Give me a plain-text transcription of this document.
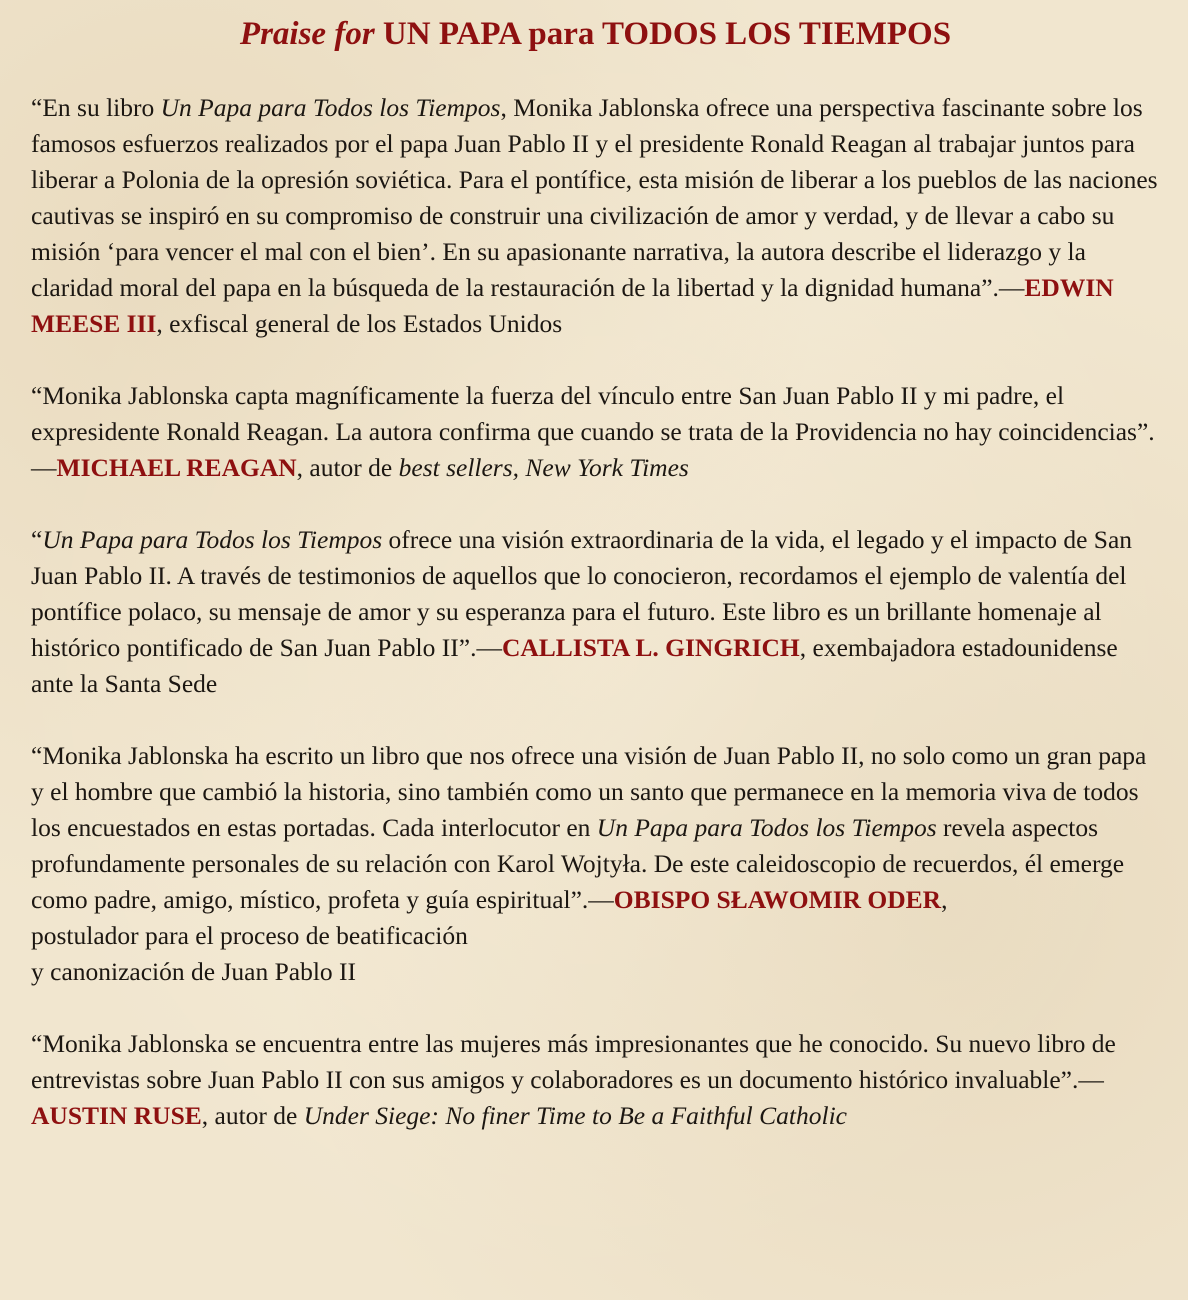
Praise for UN PAPA para TODOS LOS TIEMPOS

“En su libro Un Papa para Todos los Tiempos, Monika Jablonska ofrece una perspectiva fascinante sobre los famosos esfuerzos realizados por el papa Juan Pablo II y el presidente Ronald Reagan al trabajar juntos para liberar a Polonia de la opresión soviética. Para el pontífice, esta misión de liberar a los pueblos de las naciones cautivas se inspiró en su compromiso de construir una civilización de amor y verdad, y de llevar a cabo su misión ‘para vencer el mal con el bien’. En su apasionante narrativa, la autora describe el liderazgo y la claridad moral del papa en la búsqueda de la restauración de la libertad y la dignidad humana”.—EDWIN MEESE III, exfiscal general de los Estados Unidos

“Monika Jablonska capta magníficamente la fuerza del vínculo entre San Juan Pablo II y mi padre, el expresidente Ronald Reagan. La autora confirma que cuando se trata de la Providencia no hay coincidencias”.—MICHAEL REAGAN, autor de best sellers, New York Times

“Un Papa para Todos los Tiempos ofrece una visión extraordinaria de la vida, el legado y el impacto de San Juan Pablo II. A través de testimonios de aquellos que lo conocieron, recordamos el ejemplo de valentía del pontífice polaco, su mensaje de amor y su esperanza para el futuro. Este libro es un brillante homenaje al histórico pontificado de San Juan Pablo II”.—CALLISTA L. GINGRICH, exembajadora estadounidense ante la Santa Sede

“Monika Jablonska ha escrito un libro que nos ofrece una visión de Juan Pablo II, no solo como un gran papa y el hombre que cambió la historia, sino también como un santo que permanece en la memoria viva de todos los encuestados en estas portadas. Cada interlocutor en Un Papa para Todos los Tiempos revela aspectos profundamente personales de su relación con Karol Wojtyła. De este caleidoscopio de recuerdos, él emerge como padre, amigo, místico, profeta y guía espiritual”.—OBISPO SŁAWOMIR ODER,
postulador para el proceso de beatificación
y canonización de Juan Pablo II

“Monika Jablonska se encuentra entre las mujeres más impresionantes que he conocido. Su nuevo libro de entrevistas sobre Juan Pablo II con sus amigos y colaboradores es un documento histórico invaluable”.—AUSTIN RUSE, autor de Under Siege: No finer Time to Be a Faithful Catholic
